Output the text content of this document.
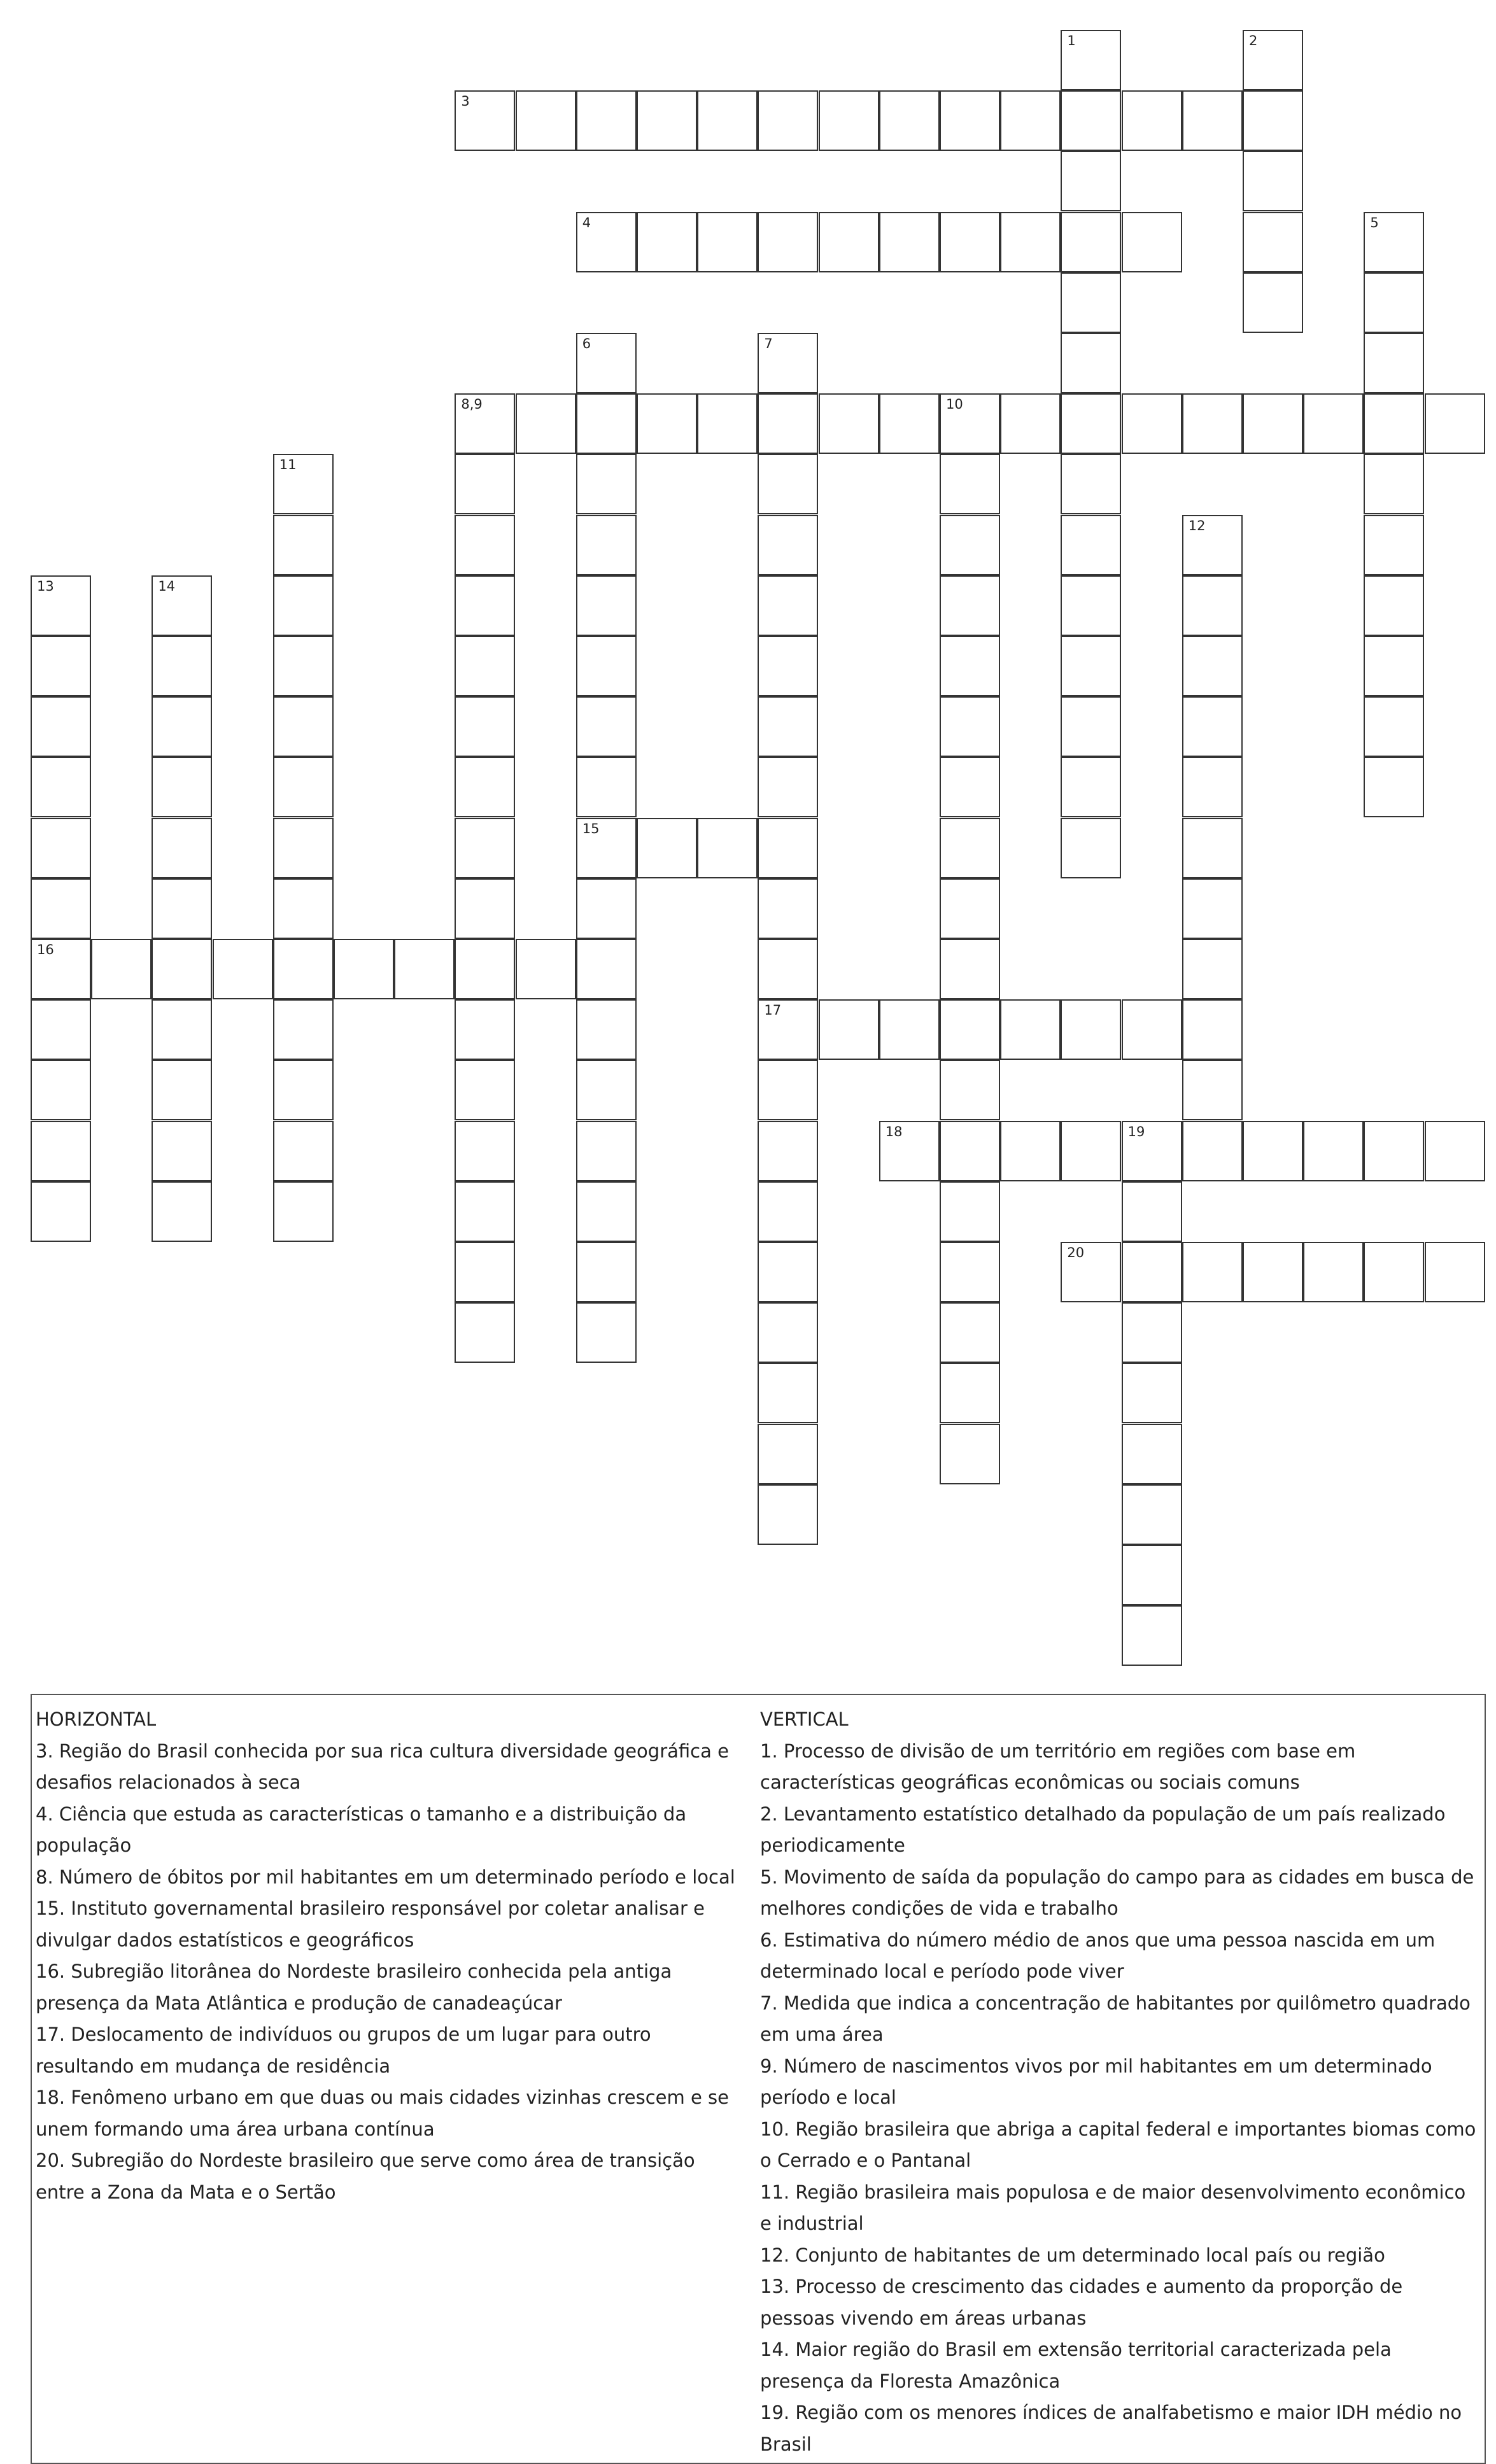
1	2
3
4	5
6
15
7
17
8,9	10
11
12
13
16
14
18	19
20
HORIZONTAL
3. Região do Brasil conhecida por sua rica cultura diversidade geográfica e desafios relacionados à seca
4. Ciência que estuda as características o tamanho e a distribuição da população
8. Número de óbitos por mil habitantes em um determinado período e local
15. Instituto governamental brasileiro responsável por coletar analisar e divulgar dados estatísticos e geográficos
16. Subregião litorânea do Nordeste brasileiro conhecida pela antiga presença da Mata Atlântica e produção de canadeaçúcar
17. Deslocamento de indivíduos ou grupos de um lugar para outro resultando em mudança de residência
18. Fenômeno urbano em que duas ou mais cidades vizinhas crescem e se unem formando uma área urbana contínua
20. Subregião do Nordeste brasileiro que serve como área de transição entre a Zona da Mata e o Sertão
VERTICAL
1. Processo de divisão de um território em regiões com base em características geográficas econômicas ou sociais comuns
2. Levantamento estatístico detalhado da população de um país realizado periodicamente
5. Movimento de saída da população do campo para as cidades em busca de melhores condições de vida e trabalho
6. Estimativa do número médio de anos que uma pessoa nascida em um determinado local e período pode viver
7. Medida que indica a concentração de habitantes por quilômetro quadrado em uma área
9. Número de nascimentos vivos por mil habitantes em um determinado período e local
10. Região brasileira que abriga a capital federal e importantes biomas como o Cerrado e o Pantanal
11. Região brasileira mais populosa e de maior desenvolvimento econômico e industrial
12. Conjunto de habitantes de um determinado local país ou região
13. Processo de crescimento das cidades e aumento da proporção de pessoas vivendo em áreas urbanas
14. Maior região do Brasil em extensão territorial caracterizada pela presença da Floresta Amazônica
19. Região com os menores índices de analfabetismo e maior IDH médio no Brasil
